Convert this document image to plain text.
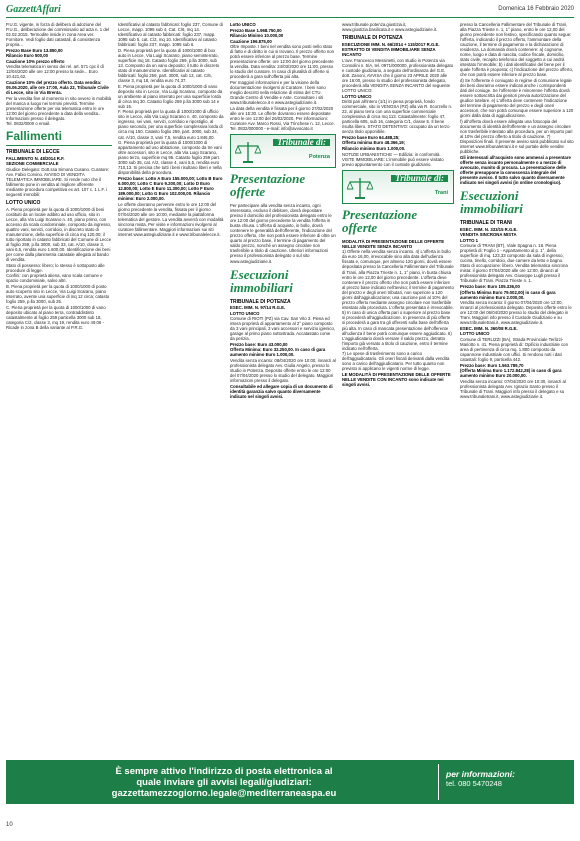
GazzettAffari	Domenica 16 Febbraio 2020

P.U.G. vigente, in forza di delibera di adozione del P.U.G., deliberazione dei commissario ad acta n. 1 del 02.02.2015. Termodite inside in zona Area ver. Fornitore. Vedi foglio dati catastali, di consistenza propria...

Prezzo Base Euro 13.850,00

Rilancio Euro 500,00

Cauzione 10% prezzo offerto

Vendita telematica in senso dei rel. art. 571 cpc il dì 12/04/2020 alle ore 12:00 presso la sede... Euro 10.421,62.

Cauzione 10% del prezzo offerto. Data vendita: 05.06.2020, alle ore 17:00, Aula 22, Tribunale Civile di Lecce, sito in Via Brenta.

Per la vendita fine al momento in sito ovvero in mobilità del manca a luogo nei termini previsti. Termine presentazione offerte per via telematica entro le ore 12:00 del giorno precedente a data della vendita... Informazioni presso il delegato.

Tel. 0832/0000 o email.

Fallimenti

TRIBUNALE DI LECCE

FALLIMENTO N. 48/2014 R.F.

SEZIONE COMMERCIALE

Giudice Delegato: Dott.ssa Simona Cusano. Curatore: Avv. Fabio Corvino. AVVISO DI VENDITA TELEMATICA IMMOBILIARE. Si rende noto che il fallimento pone in vendita al migliore offerente mediante procedura competitiva ex art. 107 c. 1 L.F. i seguenti immobili:

LOTTO UNICO

A. Piena proprietà per la quota di 1000/1000 di beni costituiti da un locale adibito ad uso ufficio, sito in Lecce, alla Via Luigi Scarano n. 40, piano primo, con accesso da scala condominiale, composto da ingresso, quattro vani, servizi, corridoio, in discreto stato di manutenzione, della superficie di circa mq 120,00; il tutto riportato in catasto fabbricati del Comune di Lecce al foglio 259, p.lla 3000, sub 33, cat. A/10, classe 3, vani 6,5, rendita euro 1.600,00. Identificazione dei beni per come dalla planimetria catastale allegata al bando di vendita.

Stato di possesso: libero; lo stesso è sottoposto alle procedure di legge.

Confini: con proprietà aliena, vano scala comune e spazio condominiale, salvo altri.

B. Piena proprietà per la quota di 1000/1000 di posto auto scoperto sito in Lecce, Via Luigi Scarano, piano interrato, avente una superficie di mq 12 circa; catasto foglio 259, p.lla 3000, sub 25.

C. Piena proprietà per la quota di 1000/1000 di vano deposito ubicato al piano terra, contraddistinto catastalmente al foglio 259 particella 3000 sub 18, categoria C/2, classe 3, mq 19, rendita euro 49,06 - Ricade in zona B della variante al P.R.G.

Identificativi al catasto fabbricati: foglio 237, Comune di Lecce, mapp. 1095 sub 4, Cat. C/6, mq 14. Identificativo al catasto fabbricati: foglio 237, mapp. 1095 sub 5, cat. C/2, mq 10. Identificativo al catasto fabbricati: foglio 237, mapp. 1095 sub 6.

D. Piena proprietà per la quota di 1000/1000 di box auto in Lecce, Via Luigi Scarano, piano seminterrato, superficie mq 18. Catasto foglio 259, p.lla 3000, sub 13. Composto da un vano deposito; il tutto in discreto stato di manutenzione. Identificativi al catasto fabbricati: foglio 259, part. 3000, sub 13, cat. C/6, classe 3, mq 18, rendita euro 74,37.

E. Piena proprietà per la quota di 1000/1000 di vano deposito sito in Lecce, Via Luigi Scarano, composto da un ambiente al piano interrato per una superficie lorda di circa mq 30. Catasto foglio 259 p.lla 3000 sub 14 e sub 15.

F. Piena proprietà per la quota di 1000/1000 di ufficio sito in Lecce, alla Via Luigi Scarano n. 40, composto da ingresso, sei vani, servizi, corridoio e ripostiglio, al piano secondo, per una superficie complessiva lorda di circa mq 150. Catasto foglio 259, part. 3000, sub 34, cat. A/10, classe 3, vani 7,5, rendita euro 1.846,00.

G. Piena proprietà per la quota di 1000/1000 di appartamento ad uso abitazione, composto da tre vani oltre accessori, sito in Lecce, alla Via Luigi Scarano, piano terzo, superficie mq 95. Catasto foglio 259 part. 3000 sub 35, cat. A/2, classe 4, vani 5,5, rendita euro 710,13. Si precisa che tutti i beni risultano liberi e nella disponibilità della procedura.

Prezzo base: Lotto A Euro 155.000,00; Lotto B Euro 6.000,00; Lotto C Euro 9.200,00; Lotto D Euro 12.800,00; Lotto E Euro 11.300,00; Lotto F Euro 189.000,00; Lotto G Euro 102.000,00. Rilancio minimo: Euro 2.000,00.

Le offerte dovranno pervenire entro le ore 12:00 del giorno precedente la vendita, fissata per il giorno 07/04/2020 alle ore 10:00, mediante la piattaforma telematica del gestore. La vendita avverrà con modalità sincrona mista. Per visite e informazioni rivolgersi al curatore fallimentare. Maggiori informazioni sui siti internet www.astegiudiziarie.it e www.tribunalelecce.it.

Lotto UNICO

Prezzo Base 1.968.750,00

Rilancio Minimo 10.000,00

Cauzione 196.875,00

Oltre Imposte. I beni nel vendita sono posti nello stato di fatto e di diritto in cui si trovano. Il prezzo offerto non potrà essere inferiore al prezzo base. Termine presentazione offerte: ore 12:00 del giorno precedente la vendita. Data vendita: 24/03/2020 ore 11:00, presso lo studio del curatore. In caso di pluralità di offerte si procederà a gara sull'offerta più alta.

Per maggiori informazioni e per la visione della documentazione rivolgersi al Curatore. I beni sono meglio descritti nella relazione di stima del CTU. Grande Centro di Vendite e Aste. Consultare i siti www.tribunalelecce.it e www.astegiudiziarie.it.

La data della vendita è fissata per il giorno 27/02/2020 alle ore 15:30. Le offerte dovranno essere depositate entro le ore 12:00 del 26/02/2020. Per informazioni: Curatore Avv. Marco Rossi, Via Trinchese n. 12, Lecce. Tel. 0832/000000 - e-mail: info@avvocato.it

Tribunale di:
Potenza
Presentazione offerte

Per partecipare alla vendita senza incanto, ogni interessato, escluso il debitore, dovrà depositare presso il domicilio del professionista delegato entro le ore 12:00 del giorno precedente la vendita l'offerta in busta chiusa. L'offerta di acquisto, in bollo, dovrà contenere le generalità dell'offerente, l'indicazione del prezzo offerto, che non potrà essere inferiore di oltre un quarto al prezzo base, il termine di pagamento del saldo prezzo, nonché un assegno circolare non trasferibile a titolo di cauzione. Ulteriori informazioni presso il professionista delegato o sul sito www.astegiudiziarie.it.

Esecuzioni immobiliari

TRIBUNALE DI POTENZA

ESEC. IMM. N. 97/14 R.G.E.

LOTTO UNICO

Comune di RIOTI (PZ) via Cav. San Vito 3. Piena ed intera proprietà di appartamento al 2° piano composto da 3 vani principali, 3 vani accessori e servizio igienico, garage al primo piano sottostrada. Accatastato come da perizia.

Prezzo base: Euro 43.000,00

Offerta Minima: Euro 32.250,00. In caso di gara aumento minimo Euro 1.000,00.

Vendita senza incanto: 08/04/2020 ore 10:00, innanzi al professionista delegato Avv. Giulia Angelo, presso lo studio in Potenza. Deposito offerte entro le ore 12:00 del 07/04/2020 presso lo studio del delegato. Maggiori informazioni presso il delegato.

Consultabile ed allegare copia di un documento di identità garanzia salvo quanto diversamente indicato nel singoli avvisi.

www.tribunale.potenza.giustizia.it, www.giustizia.basilicata.it e www.astegiudiziarie.it.

TRIBUNALE DI POTENZA

ESECUZIONE IMM. N. 66/2014 + 115/2017 R.G.E.

ESTRATTO DI VENDITA IMMOBILIARE SENZA INCANTO

L'avv. Francesco Messinetti, con studio in Potenza via Consolini n. 5/A, tel. 0971/000000, professionista delegato e custode giudiziario, a seguito dell'ordinanza del G.E. dott. Zanoni, AVVISA che il giorno 23 APRILE 2020 alle ore 16:00, presso lo studio del professionista delegato, procederà alla VENDITA SENZA INCANTO del seguente LOTTO UNICO:

LOTTO UNICO

Diritti pari all'intero (1/1) in piena proprietà, fondo commerciale, sito in VENOSA (PZ) alla via R. Scorzello n. 22, al piano terra con una superficie commerciale complessiva di circa mq 113. Catastalmente: foglio 47, particella 605, sub 16, categoria C/1, classe 5. Il bene risulta libero. STATO DETENTIVO: occupato da un terzo senza titolo opponibile.

Prezzo base Euro 64.488,25;

Offerta minima Euro 48.366,19;

Rilancio minimo Euro 1.000,00.

NOTIZIE URBANISTICHE — Edilizia: in conformità. VISTE IMMOBILIARE: L'immobile può essere visitato previo appuntamento con il custode giudiziario.

Tribunale di:
Trani
Presentazione offerte

MODALITÀ DI PRESENTAZIONE DELLE OFFERTE NELLE VENDITE SENZA INCANTO

1) Offerte nella vendita senza incanto. 4) L'offerta in bollo da euro 16,00, irrevocabile sino alla data dell'udienza fissata e, comunque, per almeno 120 giorni, dovrà essere depositata presso la Cancelleria Fallimentare del Tribunale di Trani, alla Piazza Trieste n. 1, 1° piano, in busta chiusa entro le ore 12,00 del giorno precedente. L'offerta deve contenere il prezzo offerto che non potrà essere inferiore al prezzo base indicato nell'avviso; il termine di pagamento del prezzo e degli oneri tributari, non superiore a 120 giorni dall'aggiudicazione; una cauzione pari al 10% del prezzo offerto mediante assegno circolare non trasferibile intestato alla procedura. L'offerta presentata è irrevocabile.

5) In caso di unica offerta pari o superiore al prezzo base si procederà all'aggiudicazione. In presenza di più offerte si procederà a gara tra gli offerenti sulla base dell'offerta più alta. In caso di mancata presentazione dell'offerente all'udienza il bene potrà comunque essere aggiudicato. 6) L'aggiudicatario dovrà versare il saldo prezzo, detratto l'importo già versato a titolo di cauzione, entro il termine indicato nell'offerta.

7) Le spese di trasferimento sono a carico dell'aggiudicatario. Gli oneri fiscali derivanti dalla vendita sono a carico dell'aggiudicatario. Per tutto quanto non previsto si applicano le vigenti norme di legge.

LE MODALITÀ DI PRESENTAZIONE DELLE OFFERTE NELLE VENDITE CON INCANTO sono indicate nei singoli avvisi.

presso la Cancelleria Fallimentare del Tribunale di Trani, alla Piazza Trieste n. 1, 1° piano, entro le ore 12,00 del giorno precedente non festivo, specificando quanto segue: l'offerta, indicando il prezzo offerto, l'ammontare della cauzione, il termine di pagamento e la dichiarazione di residenza. La domanda dovrà contenere: a) cognome, nome, luogo e data di nascita, codice fiscale, domicilio, stato civile, recapito telefonico del soggetto a cui andrà intestato l'immobile; b) i dati identificativi del bene per il quale l'offerta è proposta; c) l'indicazione del prezzo offerto, che non potrà essere inferiore al prezzo base.

d) Se l'offerente è coniugato in regime di comunione legale dei beni dovranno essere indicati anche i corrispondenti dati del coniuge. Se l'offerente è minorenne l'offerta dovrà essere sottoscritta dai genitori previa autorizzazione del giudice tutelare. e) L'offerta deve contenere l'indicazione del termine di pagamento del prezzo e degli oneri accessori, che non potrà comunque essere superiore a 120 giorni dalla data di aggiudicazione.

f) all'offerta dovrà essere allegata una fotocopia del documento di identità dell'offerente e un assegno circolare non trasferibile intestato alla procedura, per un importo pari al 10% del prezzo offerto a titolo di cauzione. 7) Disposizioni finali. Il presente avviso sarà pubblicato sul sito internet www.tribunaletrani.it e sul portale delle vendite pubbliche.

Gli interessati all'acquisto sono ammessi a presentare offerte senza incanto personalmente o a mezzo di avvocato, munito di procura. La presentazione delle offerte presuppone la conoscenza integrale del presente avviso. Il tutto salvo quanto diversamente indicato nei singoli avvisi (in ordine cronologico).

Esecuzioni immobiliari

TRIBUNALE DI TRANI

ESEC. IMM. N. 333/15 R.G.E.

VENDITA SINCRONA MISTA

LOTTO 1

Comune di TRANI (BT), Viale Spagna n. 18. Piena proprietà di: Foglio 1 - Appartamento al p. 1°, della superficie di mq. 123,33 composto da sala di ingresso, cucina, tinello, corridoio, due camere da letto e bagno. Stato di occupazione: libero. Vendita telematica sincrona mista: il giorno 07/04/2020 alle ore 12:00, dinanzi al professionista delegato Avv. Giuseppe Lugli presso il Tribunale di Trani. Piazza Trieste n. 1.

Prezzo base: Euro 105.336,00

(Offerta Minima Euro 79.002,00) in caso di gara aumento minimo Euro 2.000,00.

Vendita senza incanto: il giorno 07/04/2020 ore 12:00, innanzi al professionista delegato. Deposito offerte entro le ore 12:00 del 06/04/2020 presso lo studio del delegato in Trani. Maggiori info presso il Custode Giudiziario e su www.tribunaletrani.it, www.astegiudiziarie.it.

ESEC. IMM. N. 360/08 R.G.E.

LOTTO UNICO

Comune di TERLIZZI (BA), Strada Provinciale Terlizzi-Mariotto n. 41. Piena proprietà di: Opificio industriale con area di pertinenza di circa mq. 1.800 composto da capannone industriale con uffici. Si rendono noti i dati catastali: foglio 9, particella 442.

Prezzo base: Euro 1.563.789,70

(Offerta Minima Euro 1.172.842,28) in caso di gara aumento minimo Euro 20.000,00.

Vendita senza incanto: 07/04/2020 ore 10:30, innanzi al professionista delegato Avv. Ignazio Santo presso il Tribunale di Trani. Maggiori info presso il delegato e su www.tribunaletrani.it, www.astegiudiziarie.it.

È sempre attivo l'indirizzo di posta elettronica al
quale inviare gli avvisi legali/giudiziari:
gazzettamezzogiorno.legale@mediterraneaspa.eu
per informazioni:
tel. 080 5470248
10
